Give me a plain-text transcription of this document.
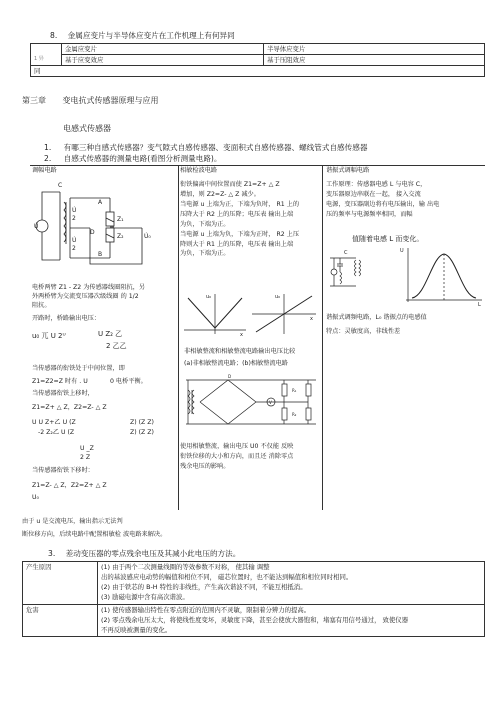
8. 金属应变片与半导体应变片在工作机理上有何异同
	金属应变片	半导体应变片
1 异	基于应变效应	基于压阻效应
同		
第三章 变电抗式传感器原理与应用
电感式传感器
1. 有哪三种自感式传感器？变气隙式自感传感器、变面积式自感传感器、螺线管式自感传感器
2. 自感式传感器的测量电路(看图分析测量电路)。
调幅电路
U̇
C
U̇
2
U̇
2
Z₁
Z₂
A
B
U̇₀
D
电桥两臂 Z1 - Z2 为传感器线圈阻抗，另
外两桥臂为交流变压器次级线圈 的 1/2
阻抗。
开路时，桥路输出电压：
u₀ 兀 U 2ᵁ	U Z₂ 乙
2 乙乙
当传感器的衔铁处于中间位置，即
Z1=Z2=Z 时有 . U	0 电桥平衡。
当传感器衔铁上移时，
Z1=Z+ △ Z，Z2=Z- △ Z
U U Z+乙 U (Z
-2 Z₂乙 U (Z
Z) (Z Z)
Z) (Z Z)
U _Z
2 Z
当传感器衔铁下移时：
Z1=Z- △ Z，Z2=Z+ △ Z
U₀
相敏检波电路
衔铁偏离中间位置而使 Z1=Z+ △ Z
增加，则 Z2=Z- △ Z 减少。
当电源 u 上端为正，下端为负时， R1 上的
压降大于 R2 上的压降；电压表 输出上端
为负，下端为正。
当电源 u 上端为负，下端为正时， R2 上压
降则大于 R1 上的压降，电压表 输出上端
为负，下端为正。
u₀	u₀
x
x
非相敏整流和相敏整流电路输出电压比较
(a)非相敏整流电路；(b)相敏整流电路
V
D
R₁
R₂
使用相敏整流，输出电压 U0 不仅能 反映
衔铁位移的大小和方向，而且还 消除零点
残余电压的影响。
谐振式调幅电路
工作原理：传感器电感 L 与电容 C，
变压器原边串联在一起， 接入交流
电源，变压器副边将有电压输出，输 出电
压的频率与电源频率相同，而幅
值随着电感 L 而变化。
C	U
L
谐振式调频电路，L₀ 谐振点的电感值
特点：灵敏度高，非线性差
由于 u 是交流电压，输出指示无法判
断位移方向，后续电路中配置相敏检 波电路来解决。
3. 差动变压器的零点残余电压及其减小此电压的方法。
产生原因	(1) 由于两个二次测量线圈的等效参数不对称， 使其输 调整
出的基波感应电动势的幅值和相位不同， 磁芯位置时，也不能达到幅值和相位同时相同。
(2) 由于铁芯的 B-H 特性的非线性，产生高次谐波不同，不能互相抵消。
(3) 励磁电源中含有高次谐波。

危害	(1) 使传感器输出特性在零点附近的范围内不灵敏，限制着分辨力的提高。
(2) 零点残余电压太大，将使线性度变坏，灵敏度下降，甚至会使放大器饱和，堵塞有用信号通过， 致使仪器
不再反映被测量的变化。
